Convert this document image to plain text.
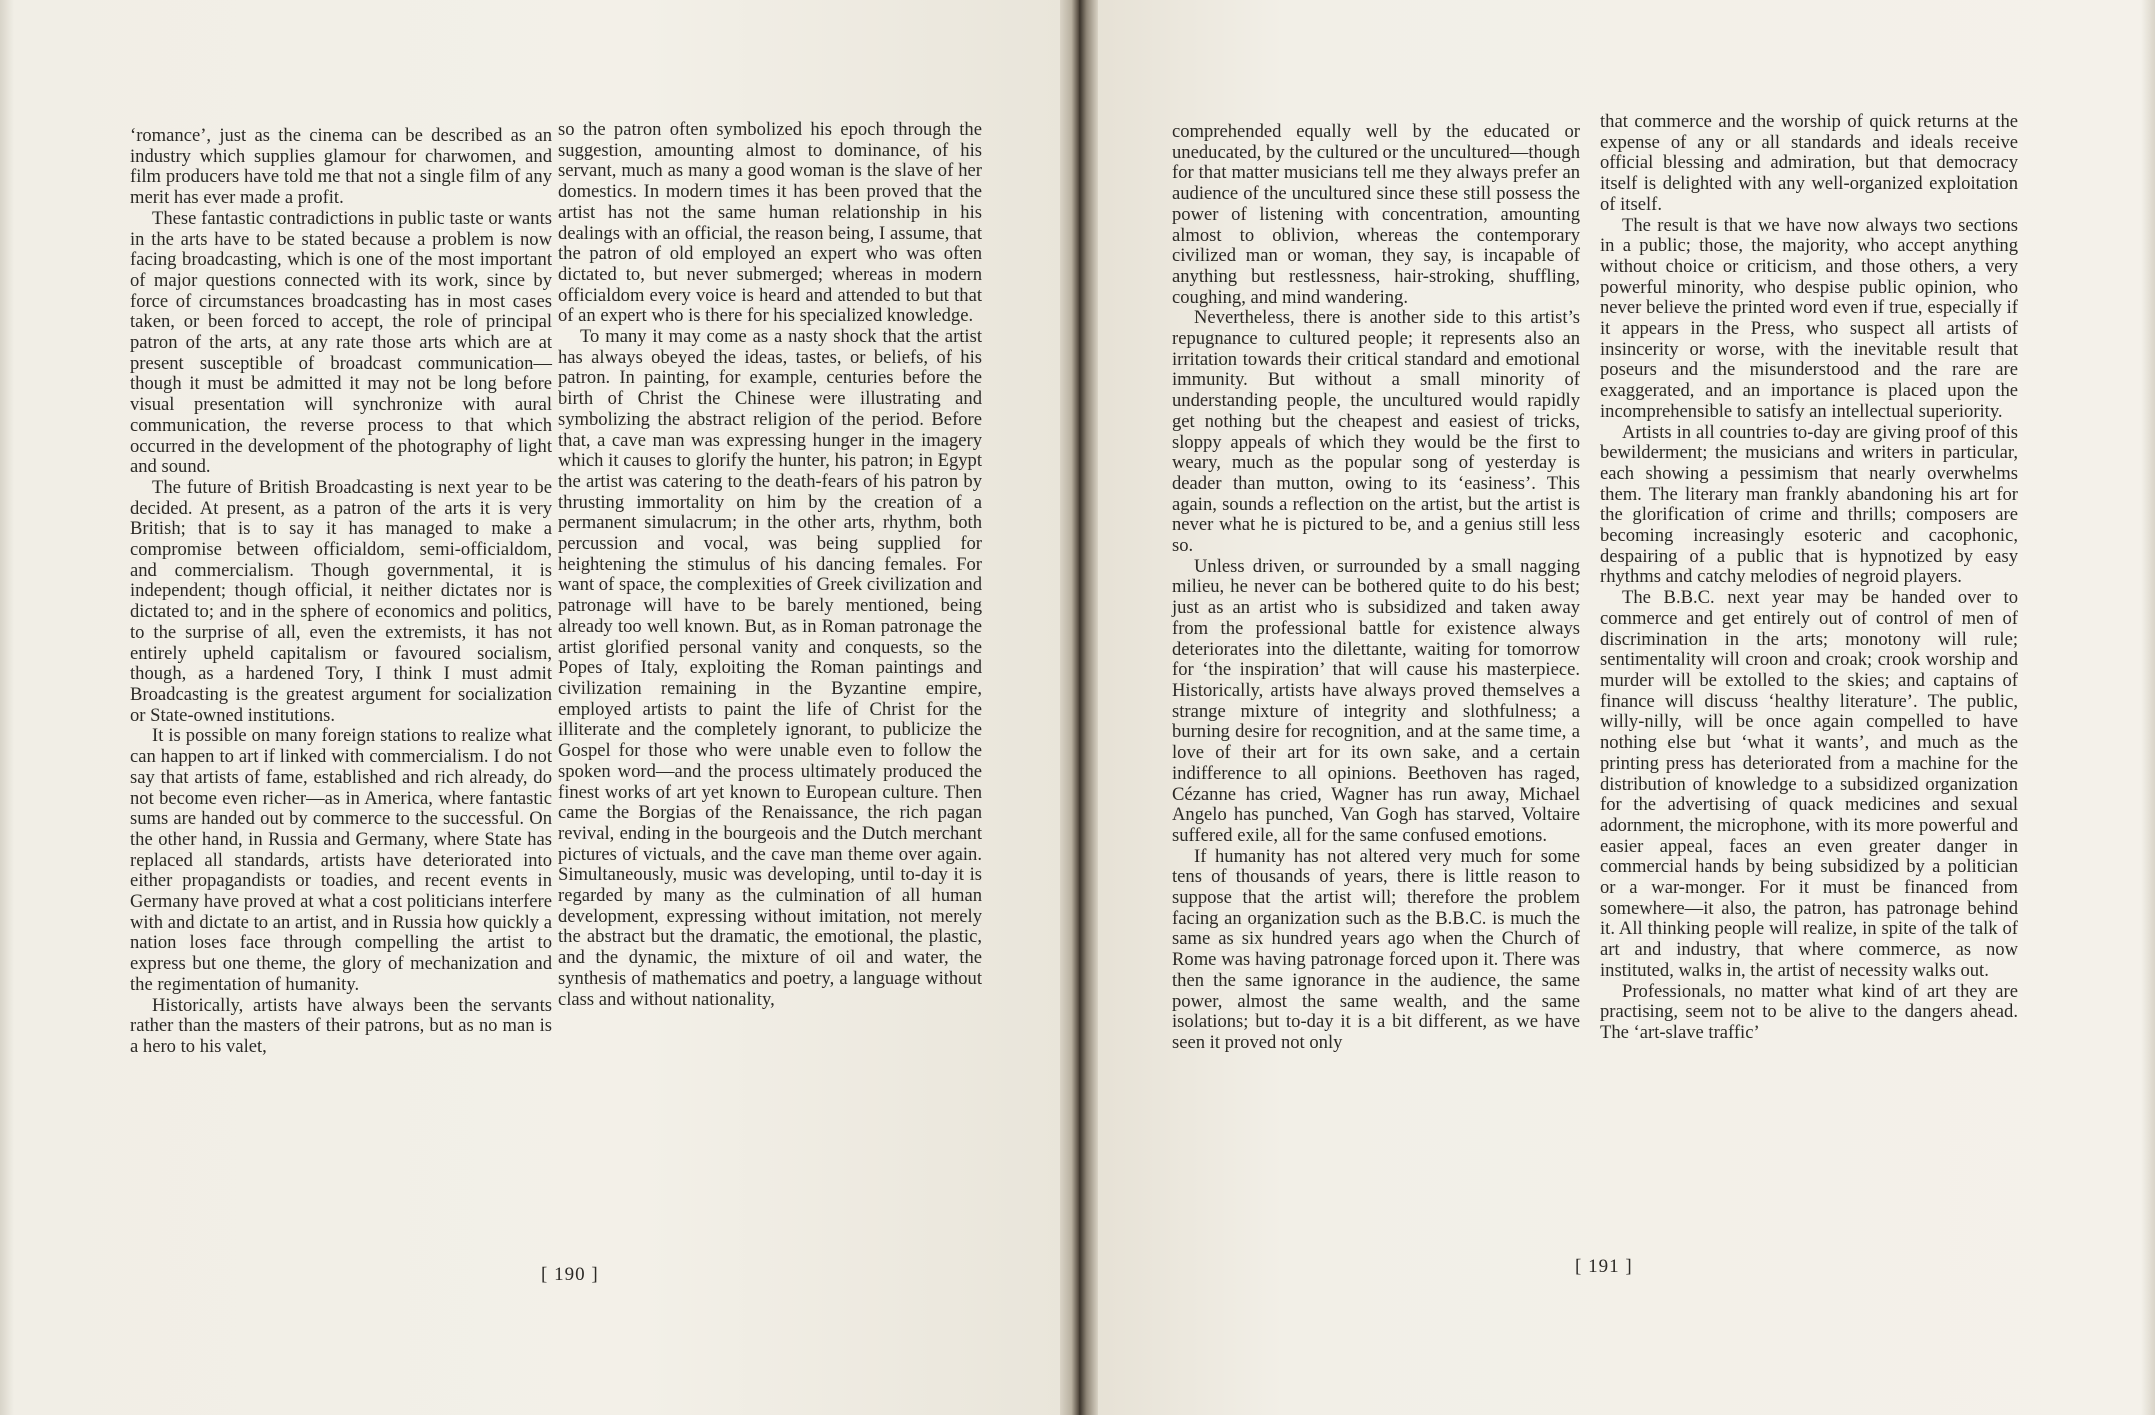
‘romance’, just as the cinema can be described as an industry which supplies glamour for charwomen, and film producers have told me that not a single film of any merit has ever made a profit.

These fantastic contradictions in public taste or wants in the arts have to be stated because a problem is now facing broadcasting, which is one of the most important of major questions connected with its work, since by force of circumstances broadcasting has in most cases taken, or been forced to accept, the role of principal patron of the arts, at any rate those arts which are at present susceptible of broadcast communication—though it must be admitted it may not be long before visual presentation will synchronize with aural communication, the reverse process to that which occurred in the development of the photography of light and sound.

The future of British Broadcasting is next year to be decided. At present, as a patron of the arts it is very British; that is to say it has managed to make a compromise between officialdom, semi-officialdom, and commercialism. Though governmental, it is independent; though official, it neither dictates nor is dictated to; and in the sphere of economics and politics, to the surprise of all, even the extremists, it has not entirely upheld capitalism or favoured socialism, though, as a hardened Tory, I think I must admit Broadcasting is the greatest argument for socialization or State-owned institutions.

It is possible on many foreign stations to realize what can happen to art if linked with commercialism. I do not say that artists of fame, established and rich already, do not become even richer—as in America, where fantastic sums are handed out by commerce to the successful. On the other hand, in Russia and Germany, where State has replaced all standards, artists have deteriorated into either propagandists or toadies, and recent events in Germany have proved at what a cost politicians interfere with and dictate to an artist, and in Russia how quickly a nation loses face through compelling the artist to express but one theme, the glory of mechanization and the regimentation of humanity.

Historically, artists have always been the servants rather than the masters of their patrons, but as no man is a hero to his valet,

so the patron often symbolized his epoch through the suggestion, amounting almost to dominance, of his servant, much as many a good woman is the slave of her domestics. In modern times it has been proved that the artist has not the same human relationship in his dealings with an official, the reason being, I assume, that the patron of old employed an expert who was often dictated to, but never submerged; whereas in modern officialdom every voice is heard and attended to but that of an expert who is there for his specialized knowledge.

To many it may come as a nasty shock that the artist has always obeyed the ideas, tastes, or beliefs, of his patron. In painting, for example, centuries before the birth of Christ the Chinese were illustrating and symbolizing the abstract religion of the period. Before that, a cave man was expressing hunger in the imagery which it causes to glorify the hunter, his patron; in Egypt the artist was catering to the death-fears of his patron by thrusting immortality on him by the creation of a permanent simulacrum; in the other arts, rhythm, both percussion and vocal, was being supplied for heightening the stimulus of his dancing females. For want of space, the complexities of Greek civilization and patronage will have to be barely mentioned, being already too well known. But, as in Roman patronage the artist glorified personal vanity and conquests, so the Popes of Italy, exploiting the Roman paintings and civilization remaining in the Byzantine empire, employed artists to paint the life of Christ for the illiterate and the completely ignorant, to publicize the Gospel for those who were unable even to follow the spoken word—and the process ultimately produced the finest works of art yet known to European culture. Then came the Borgias of the Renaissance, the rich pagan revival, ending in the bourgeois and the Dutch merchant pictures of victuals, and the cave man theme over again. Simultaneously, music was developing, until to-day it is regarded by many as the culmination of all human development, expressing without imitation, not merely the abstract but the dramatic, the emotional, the plastic, and the dynamic, the mixture of oil and water, the synthesis of mathematics and poetry, a language without class and without nationality,

[ 190 ]

comprehended equally well by the educated or uneducated, by the cultured or the uncultured—though for that matter musicians tell me they always prefer an audience of the uncultured since these still possess the power of listening with concentration, amounting almost to oblivion, whereas the contemporary civilized man or woman, they say, is incapable of anything but restlessness, hair-stroking, shuffling, coughing, and mind wandering.

Nevertheless, there is another side to this artist’s repugnance to cultured people; it represents also an irritation towards their critical standard and emotional immunity. But without a small minority of understanding people, the uncultured would rapidly get nothing but the cheapest and easiest of tricks, sloppy appeals of which they would be the first to weary, much as the popular song of yesterday is deader than mutton, owing to its ‘easiness’. This again, sounds a reflection on the artist, but the artist is never what he is pictured to be, and a genius still less so.

Unless driven, or surrounded by a small nagging milieu, he never can be bothered quite to do his best; just as an artist who is subsidized and taken away from the professional battle for existence always deteriorates into the dilettante, waiting for tomorrow for ‘the inspiration’ that will cause his masterpiece. Historically, artists have always proved themselves a strange mixture of integrity and slothfulness; a burning desire for recognition, and at the same time, a love of their art for its own sake, and a certain indifference to all opinions. Beethoven has raged, Cézanne has cried, Wagner has run away, Michael Angelo has punched, Van Gogh has starved, Voltaire suffered exile, all for the same confused emotions.

If humanity has not altered very much for some tens of thousands of years, there is little reason to suppose that the artist will; therefore the problem facing an organization such as the B.B.C. is much the same as six hundred years ago when the Church of Rome was having patronage forced upon it. There was then the same ignorance in the audience, the same power, almost the same wealth, and the same isolations; but to-day it is a bit different, as we have seen it proved not only

that commerce and the worship of quick returns at the expense of any or all standards and ideals receive official blessing and admiration, but that democracy itself is delighted with any well-organized exploitation of itself.

The result is that we have now always two sections in a public; those, the majority, who accept anything without choice or criticism, and those others, a very powerful minority, who despise public opinion, who never believe the printed word even if true, especially if it appears in the Press, who suspect all artists of insincerity or worse, with the inevitable result that poseurs and the misunderstood and the rare are exaggerated, and an importance is placed upon the incomprehensible to satisfy an intellectual superiority.

Artists in all countries to-day are giving proof of this bewilderment; the musicians and writers in particular, each showing a pessimism that nearly overwhelms them. The literary man frankly abandoning his art for the glorification of crime and thrills; composers are becoming increasingly esoteric and cacophonic, despairing of a public that is hypnotized by easy rhythms and catchy melodies of negroid players.

The B.B.C. next year may be handed over to commerce and get entirely out of control of men of discrimination in the arts; monotony will rule; sentimentality will croon and croak; crook worship and murder will be extolled to the skies; and captains of finance will discuss ‘healthy literature’. The public, willy-nilly, will be once again compelled to have nothing else but ‘what it wants’, and much as the printing press has deteriorated from a machine for the distribution of knowledge to a subsidized organization for the advertising of quack medicines and sexual adornment, the microphone, with its more powerful and easier appeal, faces an even greater danger in commercial hands by being subsidized by a politician or a war-monger. For it must be financed from somewhere—it also, the patron, has patronage behind it. All thinking people will realize, in spite of the talk of art and industry, that where commerce, as now instituted, walks in, the artist of necessity walks out.

Professionals, no matter what kind of art they are practising, seem not to be alive to the dangers ahead. The ‘art-slave traffic’

[ 191 ]
